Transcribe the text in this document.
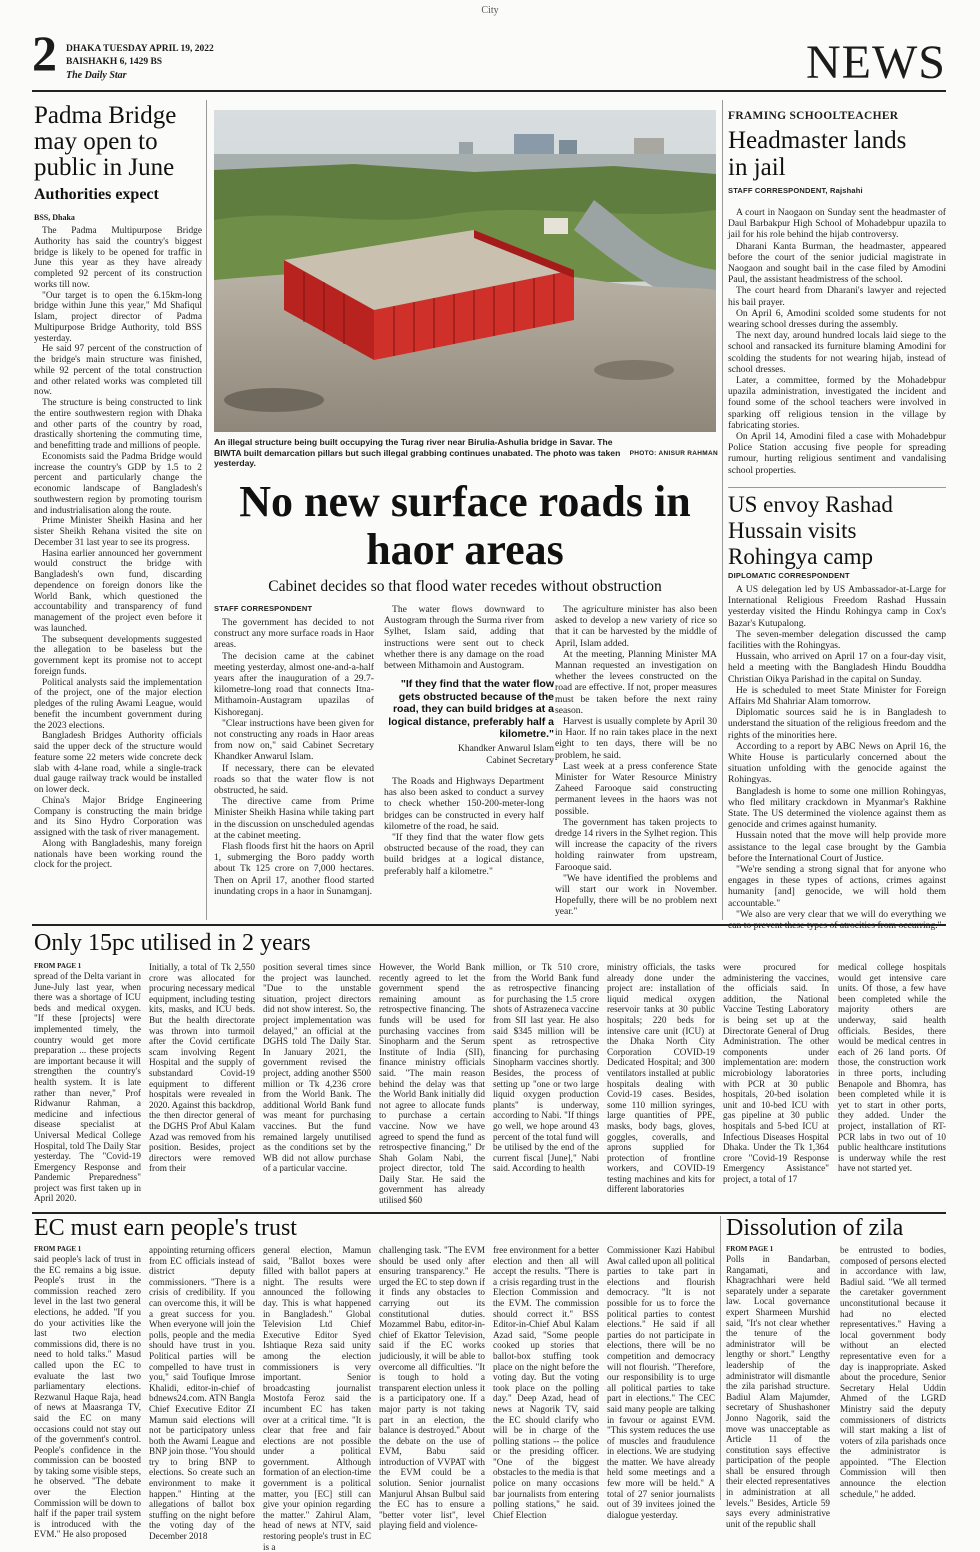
City
2 DHAKA TUESDAY APRIL 19, 2022
BAISHAKH 6, 1429 BS
The Daily Star	NEWS
Padma Bridge may open to public in June
Authorities expect
BSS, Dhaka

The Padma Multipurpose Bridge Authority has said the country's biggest bridge is likely to be opened for traffic in June this year as they have already completed 92 percent of its construction works till now.

"Our target is to open the 6.15km-long bridge within June this year," Md Shafiqul Islam, project director of Padma Multipurpose Bridge Authority, told BSS yesterday.

He said 97 percent of the construction of the bridge's main structure was finished, while 92 percent of the total construction and other related works was completed till now.

The structure is being constructed to link the entire southwestern region with Dhaka and other parts of the country by road, drastically shortening the commuting time, and benefitting trade and millions of people.

Economists said the Padma Bridge would increase the country's GDP by 1.5 to 2 percent and particularly change the economic landscape of Bangladesh's southwestern region by promoting tourism and industrialisation along the route.

Prime Minister Sheikh Hasina and her sister Sheikh Rehana visited the site on December 31 last year to see its progress.

Hasina earlier announced her government would construct the bridge with Bangladesh's own fund, discarding dependence on foreign donors like the World Bank, which questioned the accountability and transparency of fund management of the project even before it was launched.

The subsequent developments suggested the allegation to be baseless but the government kept its promise not to accept foreign funds.

Political analysts said the implementation of the project, one of the major election pledges of the ruling Awami League, would benefit the incumbent government during the 2023 elections.

Bangladesh Bridges Authority officials said the upper deck of the structure would feature some 22 meters wide concrete deck slab with 4-lane road, while a single-track dual gauge railway track would be installed on lower deck.

China's Major Bridge Engineering Company is constructing the main bridge and its Sino Hydro Corporation was assigned with the task of river management.

Along with Bangladeshis, many foreign nationals have been working round the clock for the project.

An illegal structure being built occupying the Turag river near Birulia-Ashulia bridge in Savar. The BIWTA built demarcation pillars but such illegal grabbing continues unabated. The photo was taken yesterday.
PHOTO: ANISUR RAHMAN
No new surface roads in haor areas
Cabinet decides so that flood water recedes without obstruction
STAFF CORRESPONDENT

The government has decided to not construct any more surface roads in Haor areas.

The decision came at the cabinet meeting yesterday, almost one-and-a-half years after the inauguration of a 29.7-kilometre-long road that connects Itna-Mithamoin-Austagram upazilas of Kishoreganj.

"Clear instructions have been given for not constructing any roads in Haor areas from now on," said Cabinet Secretary Khandker Anwarul Islam.

If necessary, there can be elevated roads so that the water flow is not obstructed, he said.

The directive came from Prime Minister Sheikh Hasina while taking part in the discussion on unscheduled agendas at the cabinet meeting.

Flash floods first hit the haors on April 1, submerging the Boro paddy worth about Tk 125 crore on 7,000 hectares. Then on April 17, another flood started inundating crops in a haor in Sunamganj.

The water flows downward to Austogram through the Surma river from Sylhet, Islam said, adding that instructions were sent out to check whether there is any damage on the road between Mithamoin and Austogram.

"If they find that the water flow gets obstructed because of the road, they can build bridges at a logical distance, preferably half a kilometre."
Khandker Anwarul Islam
Cabinet Secretary

The Roads and Highways Department has also been asked to conduct a survey to check whether 150-200-meter-long bridges can be constructed in every half kilometre of the road, he said.

"If they find that the water flow gets obstructed because of the road, they can build bridges at a logical distance, preferably half a kilometre."

The agriculture minister has also been asked to develop a new variety of rice so that it can be harvested by the middle of April, Islam added.

At the meeting, Planning Minister MA Mannan requested an investigation on whether the levees constructed on the road are effective. If not, proper measures must be taken before the next rainy season.

Harvest is usually complete by April 30 in Haor. If no rain takes place in the next eight to ten days, there will be no problem, he said.

Last week at a press conference State Minister for Water Resource Ministry Zaheed Farooque said constructing permanent levees in the haors was not possible.

The government has taken projects to dredge 14 rivers in the Sylhet region. This will increase the capacity of the rivers holding rainwater from upstream, Farooque said.

"We have identified the problems and will start our work in November. Hopefully, there will be no problem next year."

FRAMING SCHOOLTEACHER
Headmaster lands in jail
STAFF CORRESPONDENT, Rajshahi

A court in Naogaon on Sunday sent the headmaster of Daul Barbakpur High School of Mohadebpur upazila to jail for his role behind the hijab controversy.

Dharani Kanta Burman, the headmaster, appeared before the court of the senior judicial magistrate in Naogaon and sought bail in the case filed by Amodini Paul, the assistant headmistress of the school.

The court heard from Dharani's lawyer and rejected his bail prayer.

On April 6, Amodini scolded some students for not wearing school dresses during the assembly.

The next day, around hundred locals laid siege to the school and ransacked its furniture blaming Amodini for scolding the students for not wearing hijab, instead of school dresses.

Later, a committee, formed by the Mohadebpur upazila administration, investigated the incident and found some of the school teachers were involved in sparking off religious tension in the village by fabricating stories.

On April 14, Amodini filed a case with Mohadebpur Police Station accusing five people for spreading rumour, hurting religious sentiment and vandalising school properties.

US envoy Rashad Hussain visits Rohingya camp
DIPLOMATIC CORRESPONDENT

A US delegation led by US Ambassador-at-Large for International Religious Freedom Rashad Hussain yesterday visited the Hindu Rohingya camp in Cox's Bazar's Kutupalong.

The seven-member delegation discussed the camp facilities with the Rohingyas.

Hussain, who arrived on April 17 on a four-day visit, held a meeting with the Bangladesh Hindu Bouddha Christian Oikya Parishad in the capital on Sunday.

He is scheduled to meet State Minister for Foreign Affairs Md Shahriar Alam tomorrow.

Diplomatic sources said he is in Bangladesh to understand the situation of the religious freedom and the rights of the minorities here.

According to a report by ABC News on April 16, the White House is particularly concerned about the situation unfolding with the genocide against the Rohingyas.

Bangladesh is home to some one million Rohingyas, who fled military crackdown in Myanmar's Rakhine State. The US determined the violence against them as genocide and crimes against humanity.

Hussain noted that the move will help provide more assistance to the legal case brought by the Gambia before the International Court of Justice.

"We're sending a strong signal that for anyone who engages in these types of actions, crimes against humanity [and] genocide, we will hold them accountable."

"We also are very clear that we will do everything we

Only 15pc utilised in 2 years
FROM PAGE 1
spread of the Delta variant in June-July last year, when there was a shortage of ICU beds and medical oxygen. "If these [projects] were implemented timely, the country would get more preparation ... these projects are important because it will strengthen the country's health system. It is late rather than never," Prof Ridwanur Rahman, a medicine and infectious disease specialist at Universal Medical College Hospital, told The Daily Star yesterday. The "Covid-19 Emergency Response and Pandemic Preparedness" project was first taken up in April 2020.
Initially, a total of Tk 2,550 crore was allocated for procuring necessary medical equipment, including testing kits, masks, and ICU beds. But the health directorate was thrown into turmoil after the Covid certificate scam involving Regent Hospital and the supply of substandard Covid-19 equipment to different hospitals were revealed in 2020. Against this backdrop, the then director general of the DGHS Prof Abul Kalam Azad was removed from his position. Besides, project directors were removed from their
position several times since the project was launched. "Due to the unstable situation, project directors did not show interest. So, the project implementation was delayed," an official at the DGHS told The Daily Star. In January 2021, the government revised the project, adding another $500 million or Tk 4,236 crore from the World Bank. The additional World Bank fund was meant for purchasing vaccines. But the fund remained largely unutilised as the conditions set by the WB did not allow purchase of a particular vaccine.
However, the World Bank recently agreed to let the government spend the remaining amount as retrospective financing. The funds will be used for purchasing vaccines from Sinopharm and the Serum Institute of India (SII), finance ministry officials said. "The main reason behind the delay was that the World Bank initially did not agree to allocate funds to purchase a certain vaccine. Now we have agreed to spend the fund as retrospective financing," Dr Shah Golam Nabi, the project director, told The Daily Star. He said the government has already utilised $60
million, or Tk 510 crore, from the World Bank fund as retrospective financing for purchasing the 1.5 crore shots of Astrazeneca vaccine from SII last year. He also said $345 million will be spent as retrospective financing for purchasing Sinopharm vaccines shortly. Besides, the process of setting up "one or two large liquid oxygen production plants" is underway, according to Nabi. "If things go well, we hope around 43 percent of the total fund will be utilised by the end of the current fiscal [June]," Nabi said. According to health
ministry officials, the tasks already done under the project are: installation of liquid medical oxygen reservoir tanks at 30 public hospitals; 220 beds for intensive care unit (ICU) at the Dhaka North City Corporation COVID-19 Dedicated Hospital; and 300 ventilators installed at public hospitals dealing with Covid-19 cases. Besides, some 110 million syringes, large quantities of PPE, masks, body bags, gloves, goggles, coveralls, and aprons supplied for protection of frontline workers, and COVID-19 testing machines and kits for different laboratories
were procured for administering the vaccines, the officials said. In addition, the National Vaccine Testing Laboratory is being set up at the Directorate General of Drug Administration. The other components under implementation are: modern microbiology laboratories with PCR at 30 public hospitals, 20-bed isolation unit and 10-bed ICU with gas pipeline at 30 public hospitals and 5-bed ICU at Infectious Diseases Hospital Dhaka. Under the Tk 1,364 crore "Covid-19 Response Emergency Assistance" project, a total of 17
medical college hospitals would get intensive care units. Of those, a few have been completed while the majority others are underway, said health officials. Besides, there would be medical centres in each of 26 land ports. Of those, the construction work in three ports, including Benapole and Bhomra, has been completed while it is yet to start in other ports, they added. Under the project, installation of RT-PCR labs in two out of 10 public healthcare institutions is underway while the rest have not started yet.
EC must earn people's trust
FROM PAGE 1
said people's lack of trust in the EC remains a big issue. People's trust in the commission reached zero level in the last two general elections, he added. "If you do your activities like the last two election commissions did, there is no need to hold talks." Masud called upon the EC to evaluate the last two parliamentary elections. Rezwanul Haque Raja, head of news at Maasranga TV, said the EC on many occasions could not stay out of the government's control. People's confidence in the commission can be boosted by taking some visible steps, he observed. "The debate over the Election Commission will be down to half if the paper trail system is introduced with the EVM." He also proposed
appointing returning officers from EC officials instead of district deputy commissioners. "There is a crisis of credibility. If you can overcome this, it will be a great success for you. When everyone will join the polls, people and the media should have trust in you. Political parties will be compelled to have trust in you," said Toufique Imrose Khalidi, editor-in-chief of bdnews24.com. ATN Bangla Chief Executive Editor ZI Mamun said elections will not be participatory unless both the Awami League and BNP join those. "You should try to bring BNP to elections. So create such an environment to make it happen." Hinting at the allegations of ballot box stuffing on the night before the voting day of the December 2018
general election, Mamun said, "Ballot boxes were filled with ballot papers at night. The results were announced the following day. This is what happened in Bangladesh." Global Television Ltd Chief Executive Editor Syed Ishtiaque Reza said unity among the election commissioners is very important. Senior broadcasting journalist Mostofa Feroz said the incumbent EC has taken over at a critical time. "It is clear that free and fair elections are not possible under a political government. Although formation of an election-time government is a political matter, you [EC] still can give your opinion regarding the matter." Zahirul Alam, head of news at NTV, said restoring people's trust in EC is a
challenging task. "The EVM should be used only after ensuring transparency." He urged the EC to step down if it finds any obstacles to carrying out its constitutional duties. Mozammel Babu, editor-in-chief of Ekattor Television, said if the EC works judiciously, it will be able to overcome all difficulties. "It is tough to hold a transparent election unless it is a participatory one. If a major party is not taking part in an election, the balance is destroyed." About the debate on the use of EVM, Babu said introduction of VVPAT with the EVM could be a solution. Senior journalist Manjurul Ahsan Bulbul said the EC has to ensure a "better voter list", level playing field and violence-
free environment for a better election and then all will accept the results. "There is a crisis regarding trust in the Election Commission and the EVM. The commission should correct it." BSS Editor-in-Chief Abul Kalam Azad said, "Some people cooked up stories that ballot-box stuffing took place on the night before the voting day. But the voting took place on the polling day." Deep Azad, head of news at Nagorik TV, said the EC should clarify who will be in charge of the polling stations -- the police or the presiding officer. "One of the biggest obstacles to the media is that police on many occasions bar journalists from entering polling stations," he said. Chief Election
Commissioner Kazi Habibul Awal called upon all political parties to take part in elections and flourish democracy. "It is not possible for us to force the political parties to contest elections." He said if all parties do not participate in elections, there will be no competition and democracy will not flourish. "Therefore, our responsibility is to urge all political parties to take part in elections." The CEC said many people are talking in favour or against EVM. "This system reduces the use of muscles and fraudulence in elections. We are studying the matter. We have already held some meetings and a few more will be held." A total of 27 senior journalists out of 39 invitees joined the dialogue yesterday.
Dissolution of zila
FROM PAGE 1
Polls in Bandarban, Rangamati, and Khagrachhari were held separately under a separate law. Local governance expert Sharmeen Murshid said, "It's not clear whether the tenure of the administrator will be lengthy or short." Lengthy leadership of the administrator will dismantle the zila parishad structure. Badiul Alam Majumder, secretary of Shushashoner Jonno Nagorik, said the move was unacceptable as Article 11 of the constitution says effective participation of the people shall be ensured through their elected representatives in administration at all levels." Besides, Article 59 says every administrative unit of the republic shall
be entrusted to bodies, composed of persons elected in accordance with law, Badiul said. "We all termed the caretaker government unconstitutional because it had no elected representatives." Having a local government body without an elected representative even for a day is inappropriate. Asked about the procedure, Senior Secretary Helal Uddin Ahmed of the LGRD Ministry said the deputy commissioners of districts will start making a list of voters of zila parishads once the administrator is appointed. "The Election Commission will then announce the election schedule," he added.
